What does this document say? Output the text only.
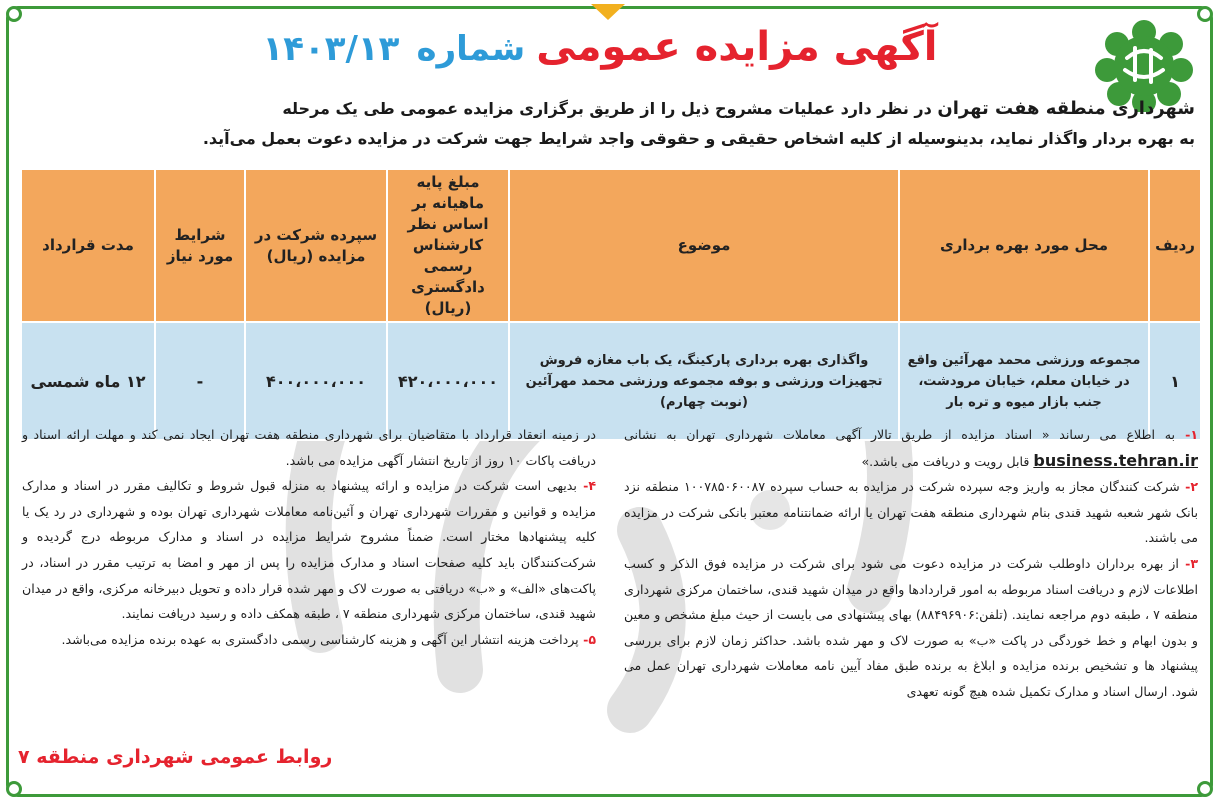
آگهی مزایده عمومی شماره ۱۴۰۳/۱۳
شهرداری منطقه هفت تهران در نظر دارد عملیات مشروح ذیل را از طریق برگزاری مزایده عمومی طی یک مرحله
به بهره بردار واگذار نماید، بدینوسیله از کلیه اشخاص حقیقی و حقوقی واجد شرایط جهت شرکت در مزایده دعوت بعمل می‌آید.
ردیف	محل مورد بهره برداری	موضوع	مبلغ پایه ماهیانه بر اساس نظر کارشناس رسمی دادگستری (ریال)	سپرده شرکت در مزایده (ریال)	شرایط مورد نیاز	مدت قرارداد
۱	مجموعه ورزشی محمد مهرآئین واقع در خیابان معلم، خیابان مرودشت، جنب بازار میوه و تره بار	واگذاری بهره برداری پارکینگ، یک باب مغازه فروش تجهیزات ورزشی و بوفه مجموعه ورزشی محمد مهرآئین (نوبت چهارم)	۴۲۰،۰۰۰،۰۰۰	۴۰۰،۰۰۰،۰۰۰	-	۱۲ ماه شمسی
۱- به اطلاع می رساند « اسناد مزایده از طریق تالار آگهی معاملات شهرداری تهران به نشانی business.tehran.ir قابل رویت و دریافت می باشد.»
۲- شرکت کنندگان مجاز به واریز وجه سپرده شرکت در مزایده به حساب سپرده ۱۰۰۷۸۵۰۶۰۰۸۷ منطقه نزد بانک شهر شعبه شهید قندی بنام شهرداری منطقه هفت تهران یا ارائه ضمانتنامه معتبر بانکی شرکت در مزایده می باشند.
۳- از بهره برداران داوطلب شرکت در مزایده دعوت می شود برای شرکت در مزایده فوق الذکر و کسب اطلاعات لازم و دریافت اسناد مربوطه به امور قراردادها واقع در میدان شهید قندی، ساختمان مرکزی شهرداری منطقه ۷ ، طبقه دوم مراجعه نمایند. (تلفن:۸۸۴۹۶۹۰۶) بهای پیشنهادی می بایست از حیث مبلغ مشخص و معین و بدون ابهام و خط خوردگی در پاکت «ب» به صورت لاک و مهر شده باشد. حداکثر زمان لازم برای بررسی پیشنهاد ها و تشخیص برنده مزایده و ابلاغ به برنده طبق مفاد آیین نامه معاملات شهرداری تهران عمل می شود. ارسال اسناد و مدارک تکمیل شده هیچ گونه تعهدی
در زمینه انعقاد قرارداد با متقاضیان برای شهرداری منطقه هفت تهران ایجاد نمی کند و مهلت ارائه اسناد و دریافت پاکات ۱۰ روز از تاریخ انتشار آگهی مزایده می باشد.
۴- بدیهی است شرکت در مزایده و ارائه پیشنهاد به منزله قبول شروط و تکالیف مقرر در اسناد و مدارک مزایده و قوانین و مقررات شهرداری تهران و آئین‌نامه معاملات شهرداری تهران بوده و شهرداری در رد یک یا کلیه پیشنهادها مختار است. ضمناً مشروح شرایط مزایده در اسناد و مدارک مربوطه درج گردیده و شرکت‌کنندگان باید کلیه صفحات اسناد و مدارک مزایده را پس از مهر و امضا به ترتیب مقرر در اسناد، در پاکت‌های «الف» و «ب» دریافتی به صورت لاک و مهر شده قرار داده و تحویل دبیرخانه مرکزی، واقع در میدان شهید قندی، ساختمان مرکزی شهرداری منطقه ۷ ، طبقه همکف داده و رسید دریافت نمایند.
۵- پرداخت هزینه انتشار این آگهی و هزینه کارشناسی رسمی دادگستری به عهده برنده مزایده می‌باشد.
روابط عمومی شهرداری منطقه ۷
